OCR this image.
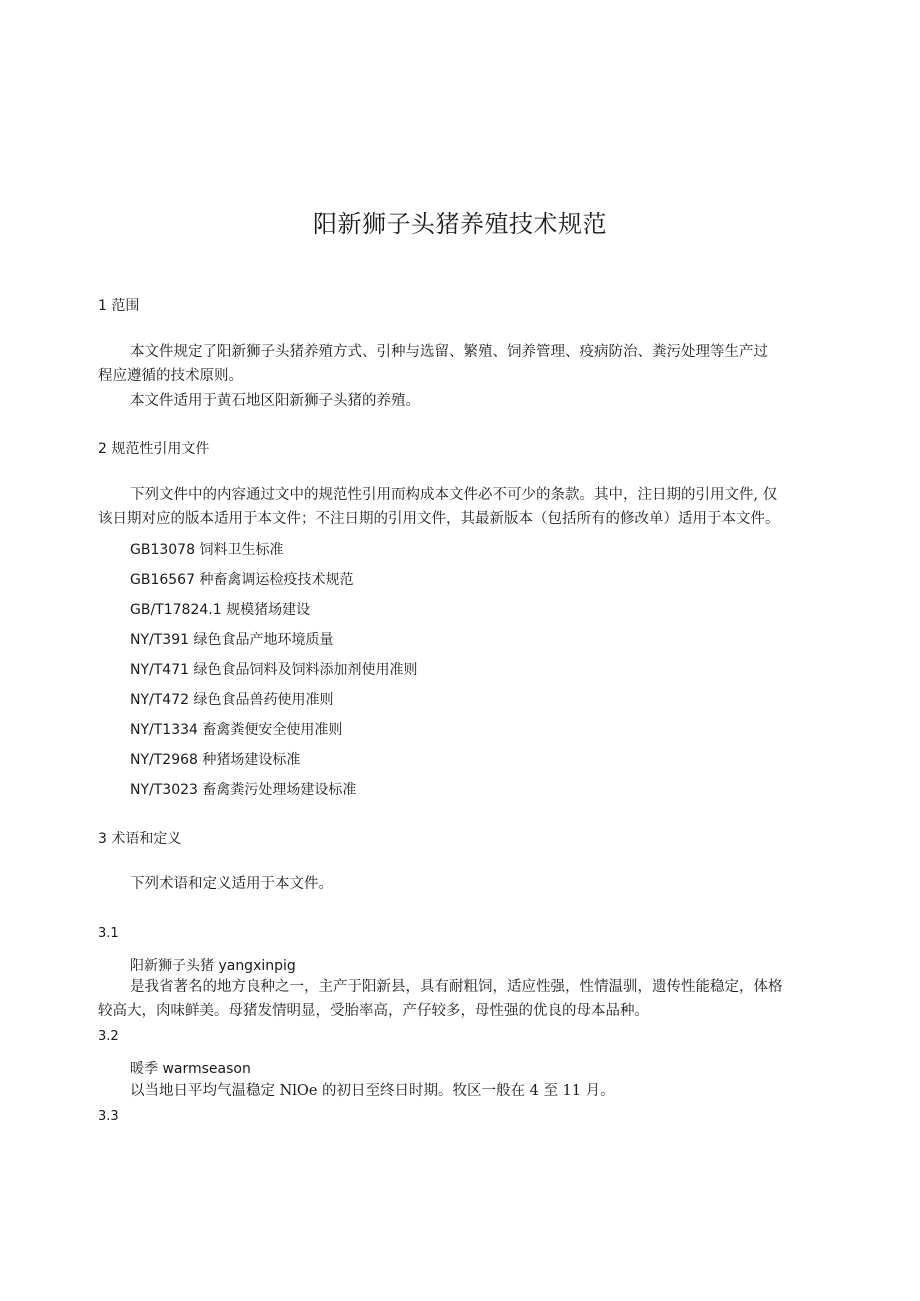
阳新狮子头猪养殖技术规范
1 范围
本文件规定了阳新狮子头猪养殖方式、引种与选留、繁殖、饲养管理、疫病防治、粪污处理等生产过
程应遵循的技术原则。
本文件适用于黄石地区阳新狮子头猪的养殖。
2 规范性引用文件
下列文件中的内容通过文中的规范性引用而构成本文件必不可少的条款。其中，注日期的引用文件, 仅
该日期对应的版本适用于本文件；不注日期的引用文件，其最新版本（包括所有的修改单）适用于本文件。
GB13078 饲料卫生标准
GB16567 种畜禽调运检疫技术规范
GB/T17824.1 规模猪场建设
NY/T391 绿色食品产地环境质量
NY/T471 绿色食品饲料及饲料添加剂使用准则
NY/T472 绿色食品兽药使用准则
NY/T1334 畜禽粪便安全使用准则
NY/T2968 种猪场建设标准
NY/T3023 畜禽粪污处理场建设标准
3 术语和定义
下列术语和定义适用于本文件。
3.1
阳新狮子头猪 yangxinpig
是我省著名的地方良种之一，主产于阳新县，具有耐粗饲，适应性强，性情温驯，遗传性能稳定，体格
较高大，肉味鲜美。母猪发情明显，受胎率高，产仔较多，母性强的优良的母本品种。
3.2
暖季 warmseason
以当地日平均气温稳定 NlOe 的初日至终日时期。牧区一般在 4 至 11 月。
3.3
